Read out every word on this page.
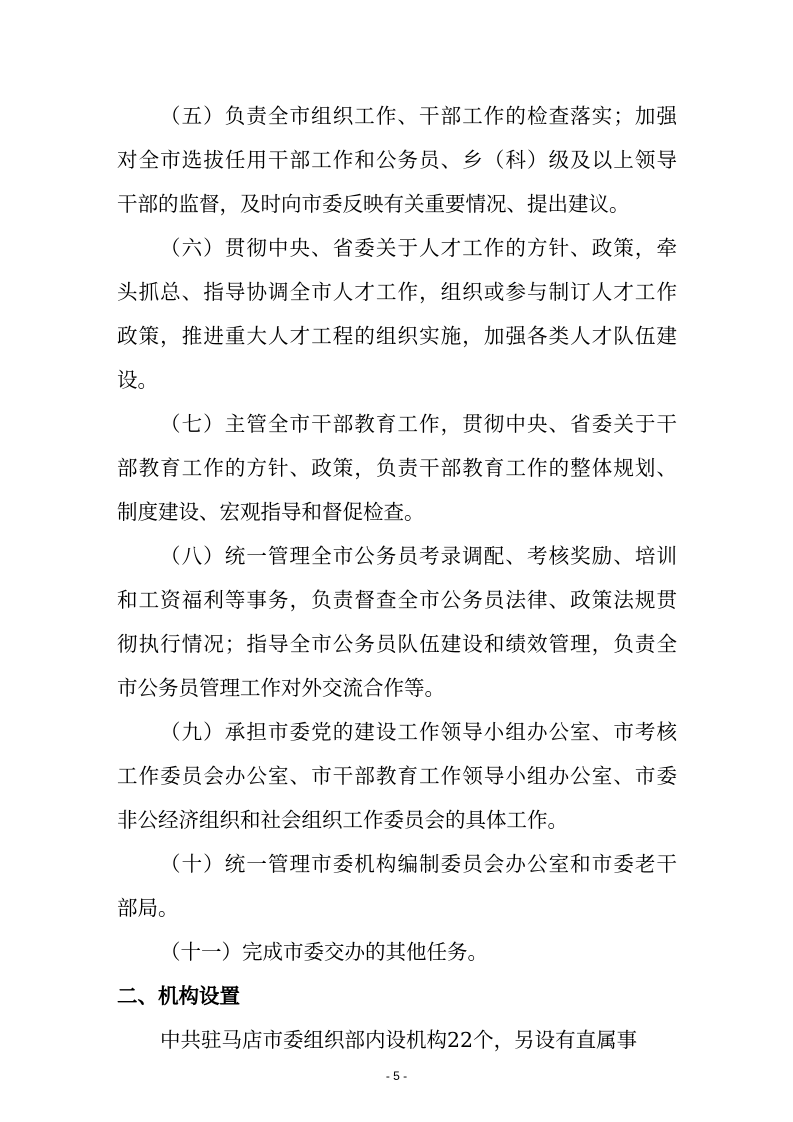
（五）负责全市组织工作、干部工作的检查落实；加强
对全市选拔任用干部工作和公务员、乡（科）级及以上领导
干部的监督，及时向市委反映有关重要情况、提出建议。
（六）贯彻中央、省委关于人才工作的方针、政策，牵
头抓总、指导协调全市人才工作，组织或参与制订人才工作
政策，推进重大人才工程的组织实施，加强各类人才队伍建
设。
（七）主管全市干部教育工作，贯彻中央、省委关于干
部教育工作的方针、政策，负责干部教育工作的整体规划、
制度建设、宏观指导和督促检查。
（八）统一管理全市公务员考录调配、考核奖励、培训
和工资福利等事务，负责督查全市公务员法律、政策法规贯
彻执行情况；指导全市公务员队伍建设和绩效管理，负责全
市公务员管理工作对外交流合作等。
（九）承担市委党的建设工作领导小组办公室、市考核
工作委员会办公室、市干部教育工作领导小组办公室、市委
非公经济组织和社会组织工作委员会的具体工作。
（十）统一管理市委机构编制委员会办公室和市委老干
部局。
（十一）完成市委交办的其他任务。
二、机构设置
中共驻马店市委组织部内设机构22个，另设有直属事
- 5 -
